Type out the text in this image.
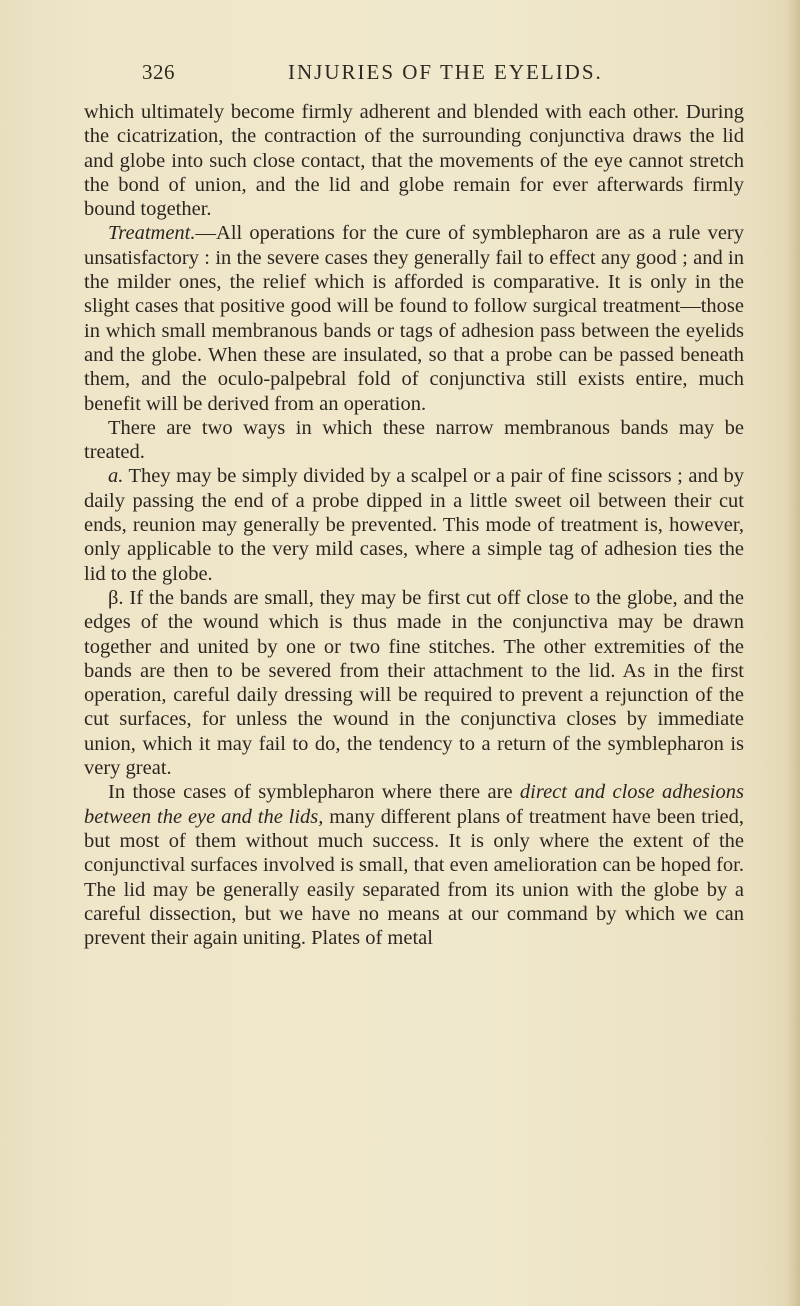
326	INJURIES OF THE EYELIDS.

which ultimately become firmly adherent and blended with each other. During the cicatrization, the contraction of the surrounding conjunctiva draws the lid and globe into such close contact, that the movements of the eye cannot stretch the bond of union, and the lid and globe remain for ever afterwards firmly bound together.

Treatment.—All operations for the cure of symblepharon are as a rule very unsatisfactory : in the severe cases they generally fail to effect any good ; and in the milder ones, the relief which is afforded is comparative. It is only in the slight cases that positive good will be found to follow surgical treatment—those in which small membranous bands or tags of adhesion pass between the eyelids and the globe. When these are insulated, so that a probe can be passed beneath them, and the oculo-palpebral fold of conjunctiva still exists entire, much benefit will be derived from an operation.

There are two ways in which these narrow membranous bands may be treated.

a. They may be simply divided by a scalpel or a pair of fine scissors ; and by daily passing the end of a probe dipped in a little sweet oil between their cut ends, reunion may generally be prevented. This mode of treatment is, however, only applicable to the very mild cases, where a simple tag of adhesion ties the lid to the globe.

β. If the bands are small, they may be first cut off close to the globe, and the edges of the wound which is thus made in the conjunctiva may be drawn together and united by one or two fine stitches. The other extremities of the bands are then to be severed from their attachment to the lid. As in the first operation, careful daily dressing will be required to prevent a rejunction of the cut surfaces, for unless the wound in the conjunctiva closes by immediate union, which it may fail to do, the tendency to a return of the symblepharon is very great.

In those cases of symblepharon where there are direct and close adhesions between the eye and the lids, many different plans of treatment have been tried, but most of them without much success. It is only where the extent of the conjunctival surfaces involved is small, that even amelioration can be hoped for. The lid may be generally easily separated from its union with the globe by a careful dissection, but we have no means at our command by which we can prevent their again uniting. Plates of metal
